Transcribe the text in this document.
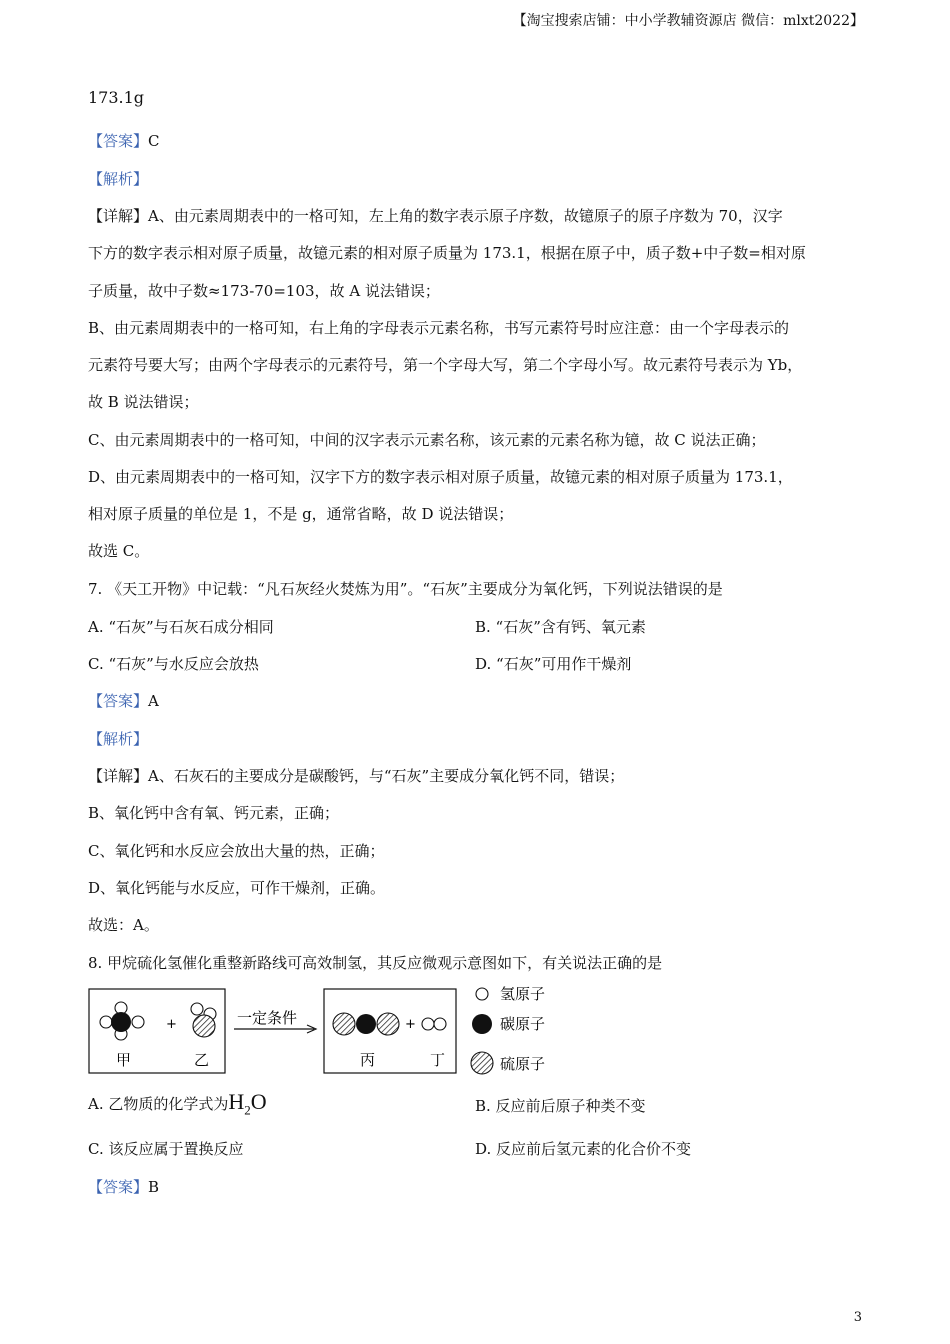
【淘宝搜索店铺：中小学教辅资源店 微信：mlxt2022】
173.1g
【答案】C
【解析】
【详解】A、由元素周期表中的一格可知，左上角的数字表示原子序数，故镱原子的原子序数为 70，汉字
下方的数字表示相对原子质量，故镱元素的相对原子质量为 173.1，根据在原子中，质子数+中子数=相对原
子质量，故中子数≈173-70=103，故 A 说法错误；
B、由元素周期表中的一格可知，右上角的字母表示元素名称，书写元素符号时应注意：由一个字母表示的
元素符号要大写；由两个字母表示的元素符号，第一个字母大写，第二个字母小写。故元素符号表示为 Yb，
故 B 说法错误；
C、由元素周期表中的一格可知，中间的汉字表示元素名称，该元素的元素名称为镱，故 C 说法正确；
D、由元素周期表中的一格可知，汉字下方的数字表示相对原子质量，故镱元素的相对原子质量为 173.1，
相对原子质量的单位是 1，不是 g，通常省略，故 D 说法错误；
故选 C。
7. 《天工开物》中记载：“凡石灰经火焚炼为用”。“石灰”主要成分为氧化钙，下列说法错误的是
A. “石灰”与石灰石成分相同	B. “石灰”含有钙、氧元素
C. “石灰”与水反应会放热	D. “石灰”可用作干燥剂
【答案】A
【解析】
【详解】A、石灰石的主要成分是碳酸钙，与“石灰”主要成分氧化钙不同，错误；
B、氧化钙中含有氧、钙元素，正确；
C、氧化钙和水反应会放出大量的热，正确；
D、氧化钙能与水反应，可作干燥剂，正确。
故选：A。
8. 甲烷硫化氢催化重整新路线可高效制氢，其反应微观示意图如下，有关说法正确的是
+
甲	乙
一定条件	+
丙	丁
氢原子
碳原子
硫原子
A. 乙物质的化学式为$H_2O$	B. 反应前后原子种类不变
C. 该反应属于置换反应	D. 反应前后氢元素的化合价不变
【答案】B
3
